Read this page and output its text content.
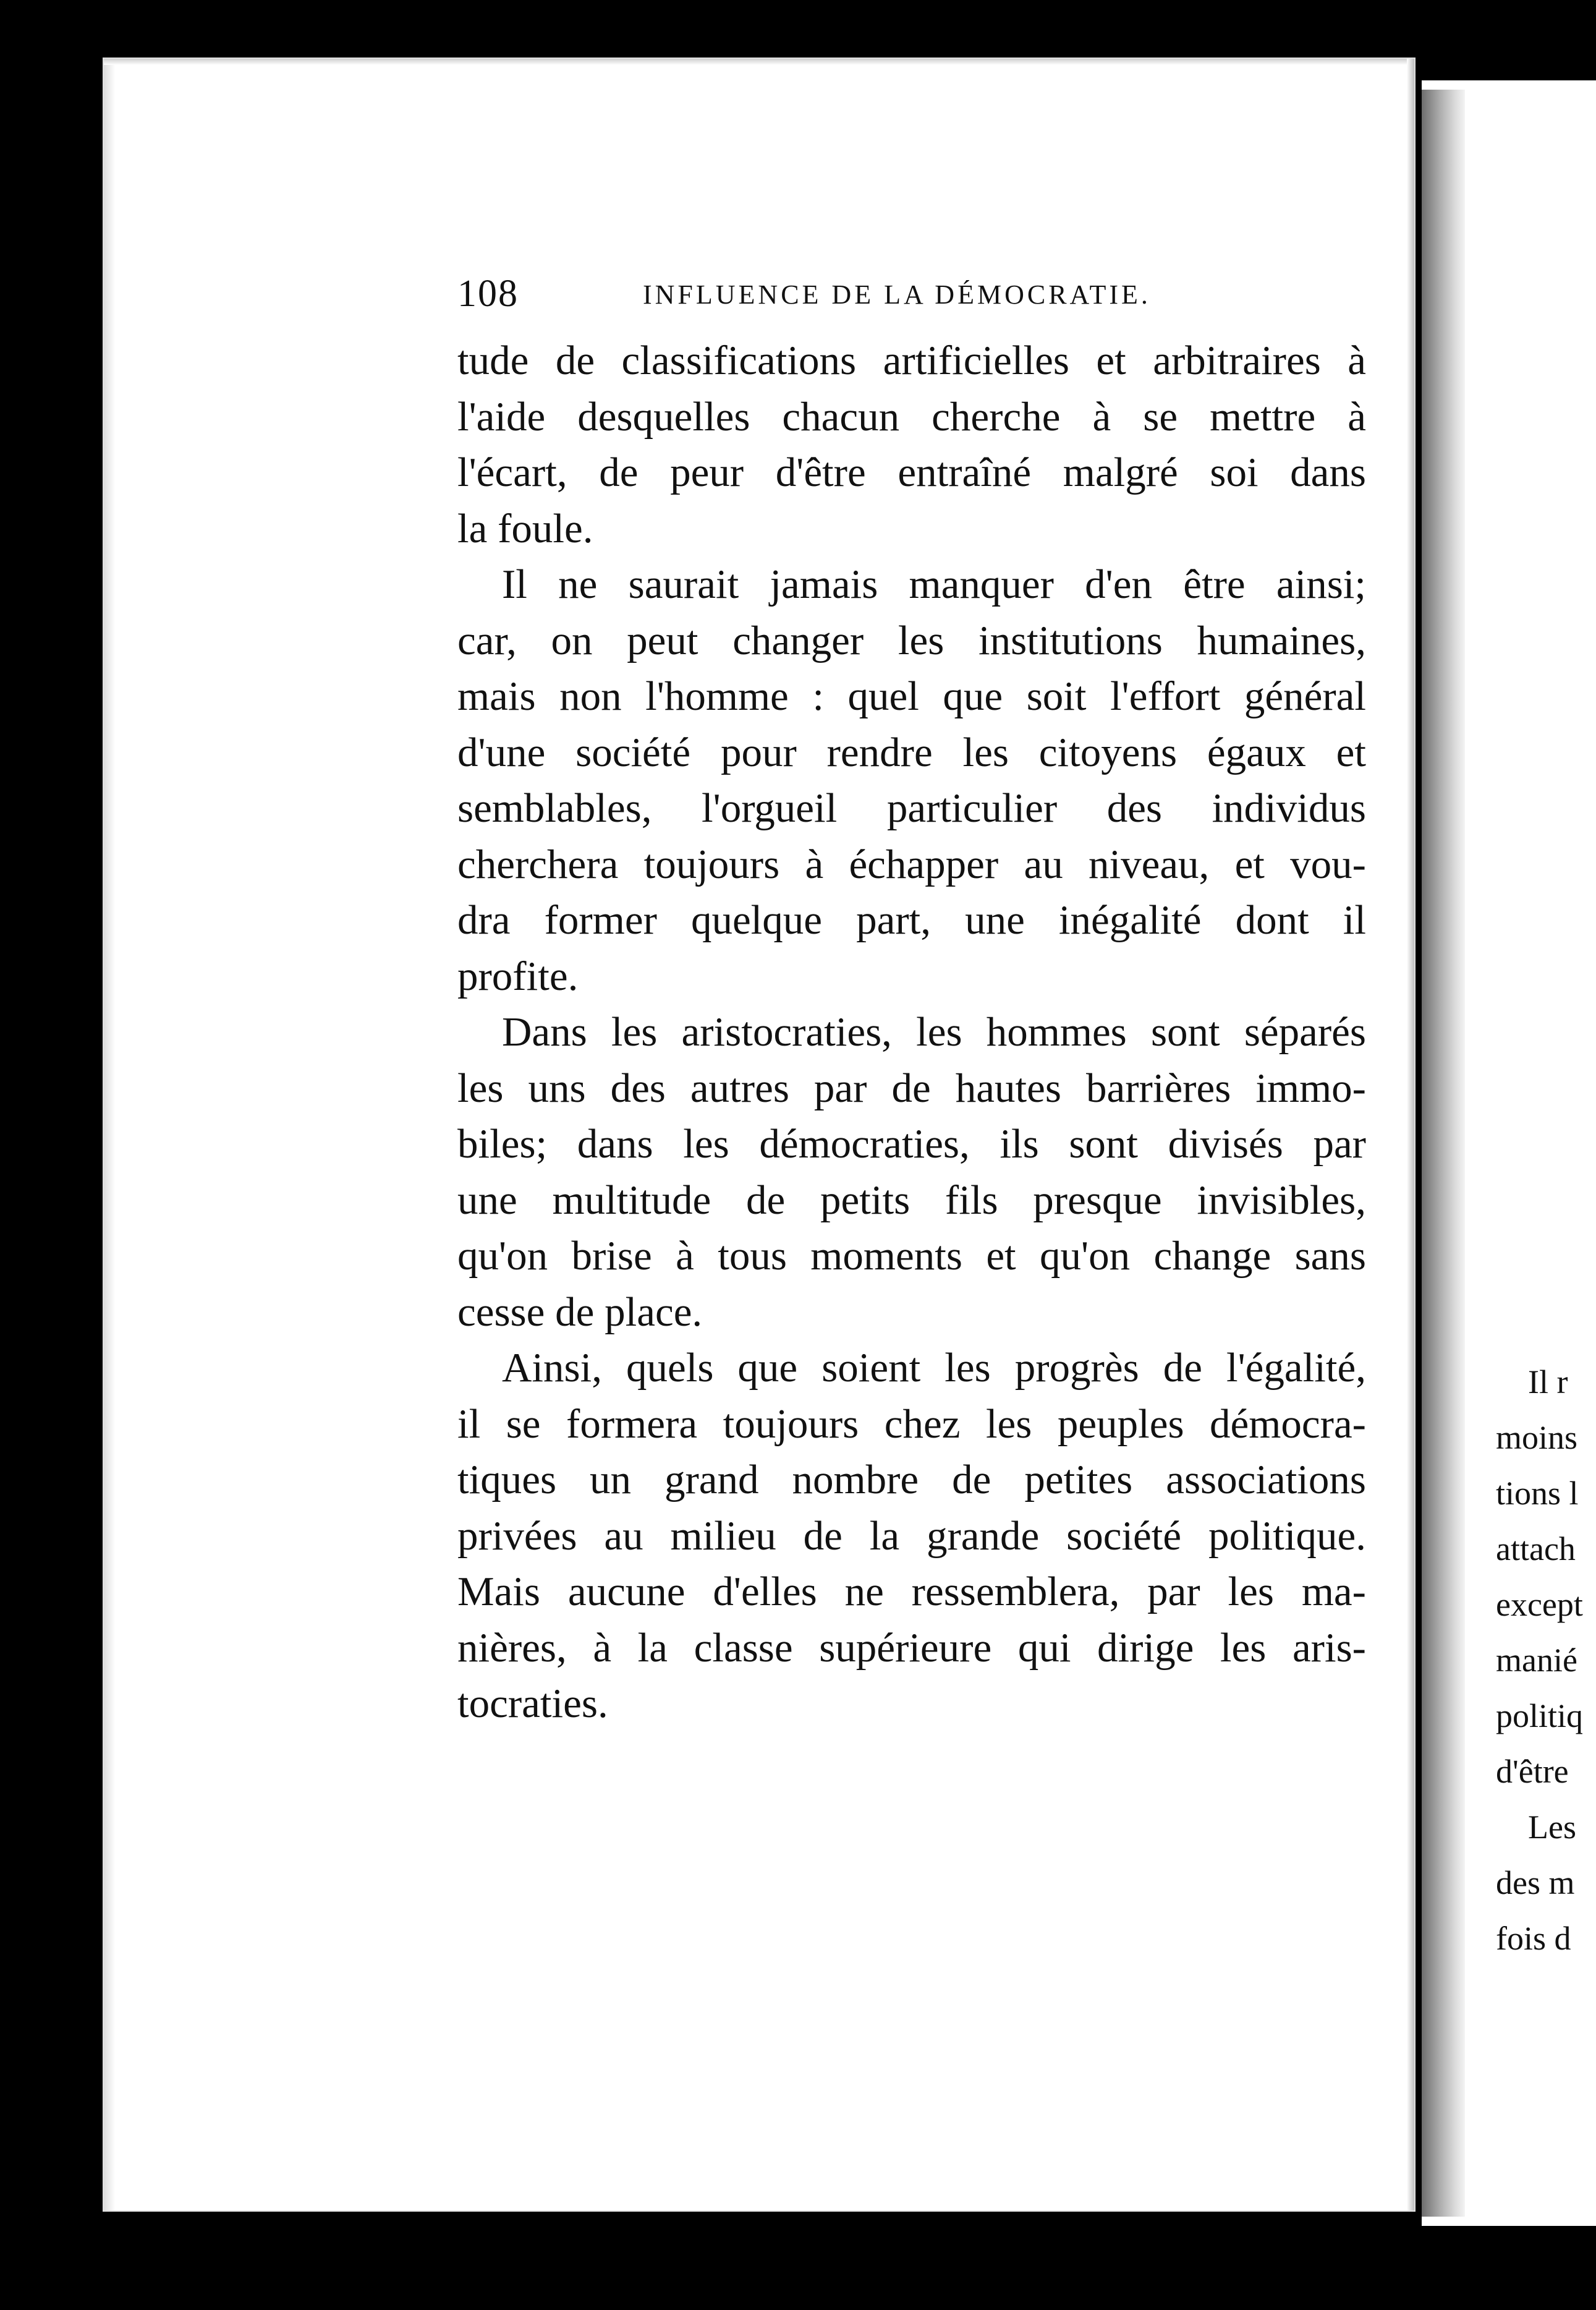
Il r
moins
tions l
attach
except
manié
politiq
d'être
Les
des m
fois d
108	INFLUENCE DE LA DÉMOCRATIE.
tude de classifications artificielles et arbitraires à
l'aide desquelles chacun cherche à se mettre à
l'écart, de peur d'être entraîné malgré soi dans
la foule.
Il ne saurait jamais manquer d'en être ainsi;
car, on peut changer les institutions humaines,
mais non l'homme : quel que soit l'effort général
d'une société pour rendre les citoyens égaux et
semblables, l'orgueil particulier des individus
cherchera toujours à échapper au niveau, et vou-
dra former quelque part, une inégalité dont il
profite.
Dans les aristocraties, les hommes sont séparés
les uns des autres par de hautes barrières immo-
biles; dans les démocraties, ils sont divisés par
une multitude de petits fils presque invisibles,
qu'on brise à tous moments et qu'on change sans
cesse de place.
Ainsi, quels que soient les progrès de l'égalité,
il se formera toujours chez les peuples démocra-
tiques un grand nombre de petites associations
privées au milieu de la grande société politique.
Mais aucune d'elles ne ressemblera, par les ma-
nières, à la classe supérieure qui dirige les aris-
tocraties.
